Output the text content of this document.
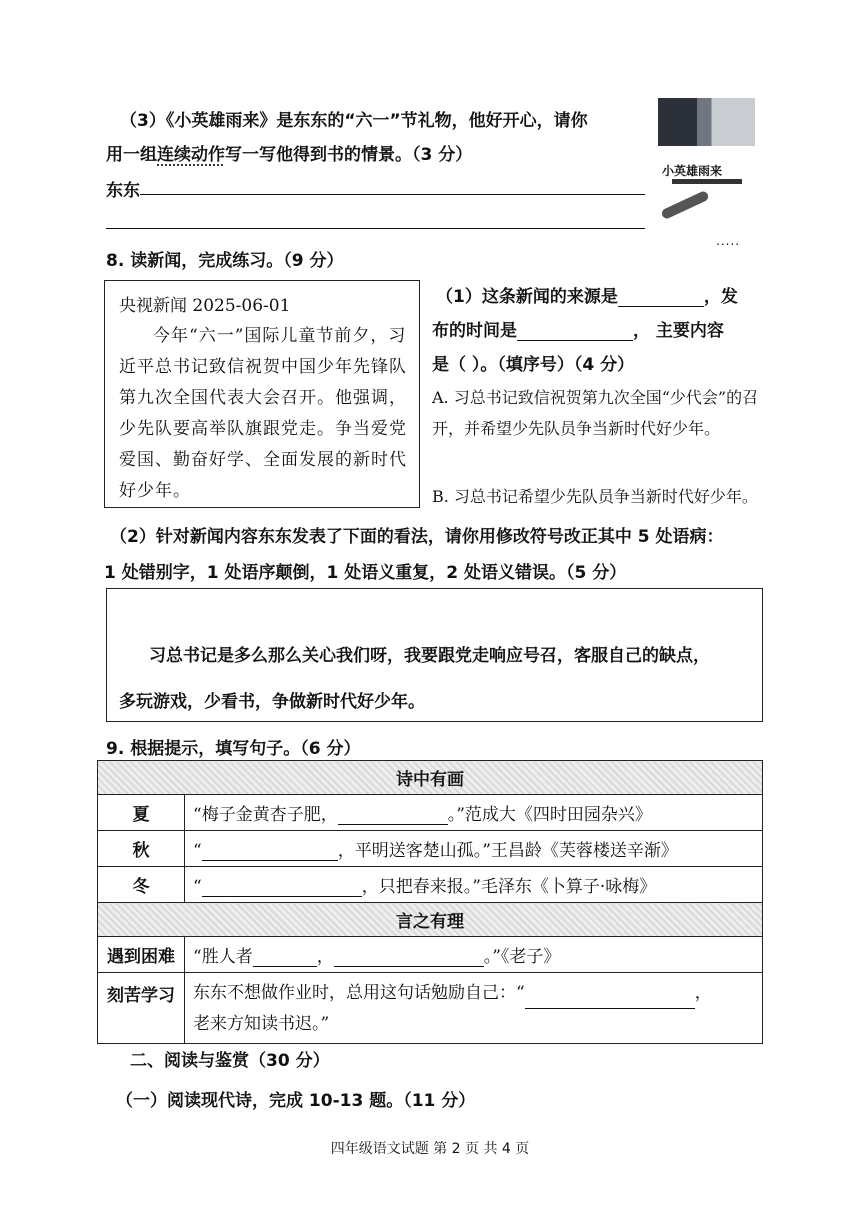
（3）《小英雄雨来》是东东的“六一”节礼物，他好开心，请你
用一组连续动作写一写他得到书的情景。（3 分）
东东
小英雄雨来
.....
8. 读新闻，完成练习。（9 分）
央视新闻 2025-06-01
今年“六一”国际儿童节前夕，习近平总书记致信祝贺中国少年先锋队第九次全国代表大会召开。他强调，少先队要高举队旗跟党走。争当爱党爱国、勤奋好学、全面发展的新时代好少年。
（1）这条新闻的来源是	，发
布的时间是	， 主要内容
是（ ）。（填序号）（4 分）
A. 习总书记致信祝贺第九次全国“少代会”的召开，并希望少先队员争当新时代好少年。
B. 习总书记希望少先队员争当新时代好少年。
（2）针对新闻内容东东发表了下面的看法，请你用修改符号改正其中 5 处语病：
1 处错别字，1 处语序颠倒，1 处语义重复，2 处语义错误。（5 分）
习总书记是多么那么关心我们呀，我要跟党走响应号召，客服自己的缺点，
多玩游戏，少看书，争做新时代好少年。
9. 根据提示，填写句子。（6 分）
诗中有画	
夏	“梅子金黄杏子肥， 。”范成大《四时田园杂兴》
秋	“ ，平明送客楚山孤。”王昌龄《芙蓉楼送辛渐》
冬	“ ，只把春来报。”毛泽东《卜算子·咏梅》
言之有理	
遇到困难	“胜人者 ， 。”《老子》
刻苦学习	东东不想做作业时，总用这句话勉励自己：“ ，
老来方知读书迟。”
二、阅读与鉴赏（30 分）
（一）阅读现代诗，完成 10-13 题。（11 分）
四年级语文试题 第 2 页 共 4 页
